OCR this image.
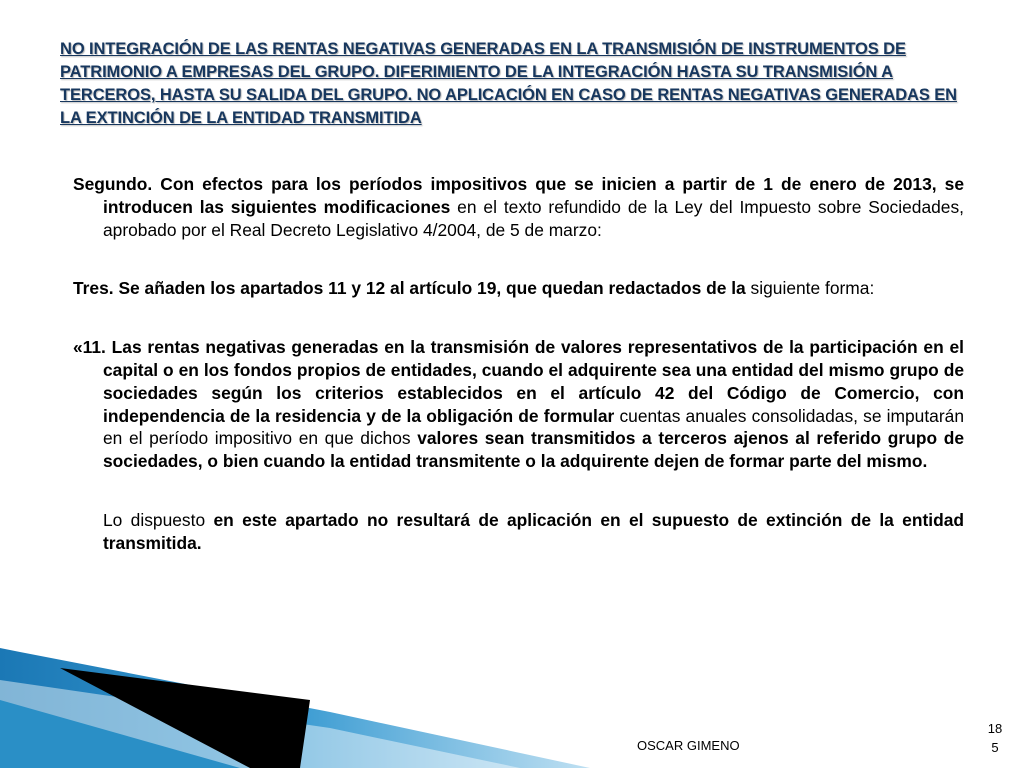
NO INTEGRACIÓN DE LAS RENTAS NEGATIVAS GENERADAS EN LA TRANSMISIÓN DE INSTRUMENTOS DE PATRIMONIO A EMPRESAS DEL GRUPO. DIFERIMIENTO DE LA INTEGRACIÓN HASTA SU TRANSMISIÓN A TERCEROS, HASTA SU SALIDA DEL GRUPO. NO APLICACIÓN EN CASO DE RENTAS NEGATIVAS GENERADAS EN LA EXTINCIÓN DE LA ENTIDAD TRANSMITIDA

Segundo. Con efectos para los períodos impositivos que se inicien a partir de 1 de enero de 2013, se introducen las siguientes modificaciones en el texto refundido de la Ley del Impuesto sobre Sociedades, aprobado por el Real Decreto Legislativo 4/2004, de 5 de marzo:

Tres. Se añaden los apartados 11 y 12 al artículo 19, que quedan redactados de la siguiente forma:

«11. Las rentas negativas generadas en la transmisión de valores representativos de la participación en el capital o en los fondos propios de entidades, cuando el adquirente sea una entidad del mismo grupo de sociedades según los criterios establecidos en el artículo 42 del Código de Comercio, con independencia de la residencia y de la obligación de formular cuentas anuales consolidadas, se imputarán en el período impositivo en que dichos valores sean transmitidos a terceros ajenos al referido grupo de sociedades, o bien cuando la entidad transmitente o la adquirente dejen de formar parte del mismo.

Lo dispuesto en este apartado no resultará de aplicación en el supuesto de extinción de la entidad transmitida.

OSCAR GIMENO
18
5
